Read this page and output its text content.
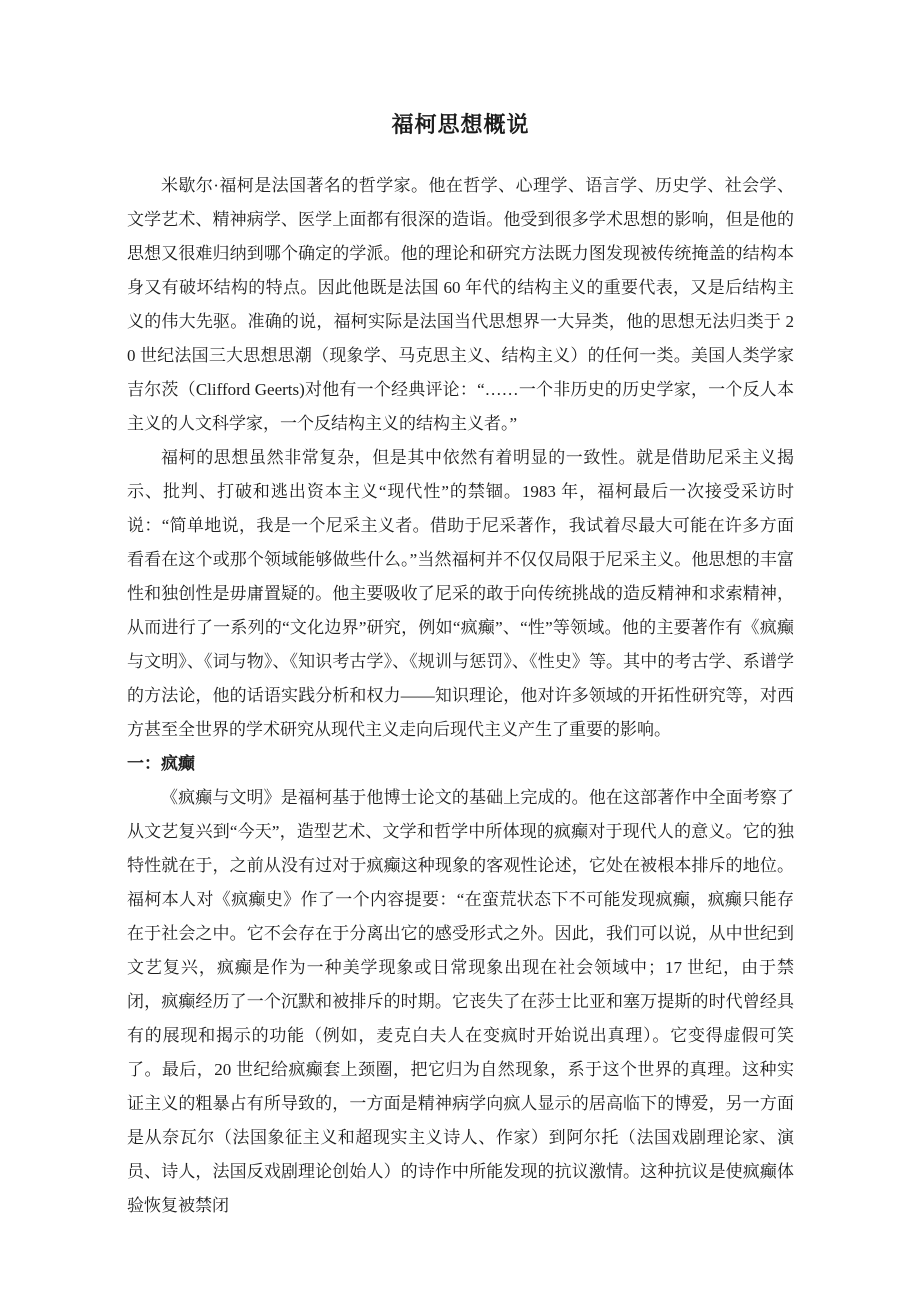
福柯思想概说

米歇尔·福柯是法国著名的哲学家。他在哲学、心理学、语言学、历史学、社会学、文学艺术、精神病学、医学上面都有很深的造诣。他受到很多学术思想的影响，但是他的思想又很难归纳到哪个确定的学派。他的理论和研究方法既力图发现被传统掩盖的结构本身又有破坏结构的特点。因此他既是法国 60 年代的结构主义的重要代表，又是后结构主义的伟大先驱。准确的说，福柯实际是法国当代思想界一大异类，他的思想无法归类于 20 世纪法国三大思想思潮（现象学、马克思主义、结构主义）的任何一类。美国人类学家吉尔茨（Clifford Geerts)对他有一个经典评论：“……一个非历史的历史学家，一个反人本主义的人文科学家，一个反结构主义的结构主义者。”

福柯的思想虽然非常复杂，但是其中依然有着明显的一致性。就是借助尼采主义揭示、批判、打破和逃出资本主义“现代性”的禁锢。1983 年，福柯最后一次接受采访时说：“简单地说，我是一个尼采主义者。借助于尼采著作，我试着尽最大可能在许多方面看看在这个或那个领域能够做些什么。”当然福柯并不仅仅局限于尼采主义。他思想的丰富性和独创性是毋庸置疑的。他主要吸收了尼采的敢于向传统挑战的造反精神和求索精神，从而进行了一系列的“文化边界”研究，例如“疯癫”、“性”等领域。他的主要著作有《疯癫与文明》、《词与物》、《知识考古学》、《规训与惩罚》、《性史》等。其中的考古学、系谱学的方法论，他的话语实践分析和权力——知识理论，他对许多领域的开拓性研究等，对西方甚至全世界的学术研究从现代主义走向后现代主义产生了重要的影响。

一：疯癫

《疯癫与文明》是福柯基于他博士论文的基础上完成的。他在这部著作中全面考察了从文艺复兴到“今天”，造型艺术、文学和哲学中所体现的疯癫对于现代人的意义。它的独特性就在于，之前从没有过对于疯癫这种现象的客观性论述，它处在被根本排斥的地位。福柯本人对《疯癫史》作了一个内容提要：“在蛮荒状态下不可能发现疯癫，疯癫只能存在于社会之中。它不会存在于分离出它的感受形式之外。因此，我们可以说，从中世纪到文艺复兴，疯癫是作为一种美学现象或日常现象出现在社会领域中；17 世纪，由于禁闭，疯癫经历了一个沉默和被排斥的时期。它丧失了在莎士比亚和塞万提斯的时代曾经具有的展现和揭示的功能（例如，麦克白夫人在变疯时开始说出真理）。它变得虚假可笑了。最后，20 世纪给疯癫套上颈圈，把它归为自然现象，系于这个世界的真理。这种实证主义的粗暴占有所导致的，一方面是精神病学向疯人显示的居高临下的博爱，另一方面是从奈瓦尔（法国象征主义和超现实主义诗人、作家）到阿尔托（法国戏剧理论家、演员、诗人，法国反戏剧理论创始人）的诗作中所能发现的抗议激情。这种抗议是使疯癫体验恢复被禁闭
